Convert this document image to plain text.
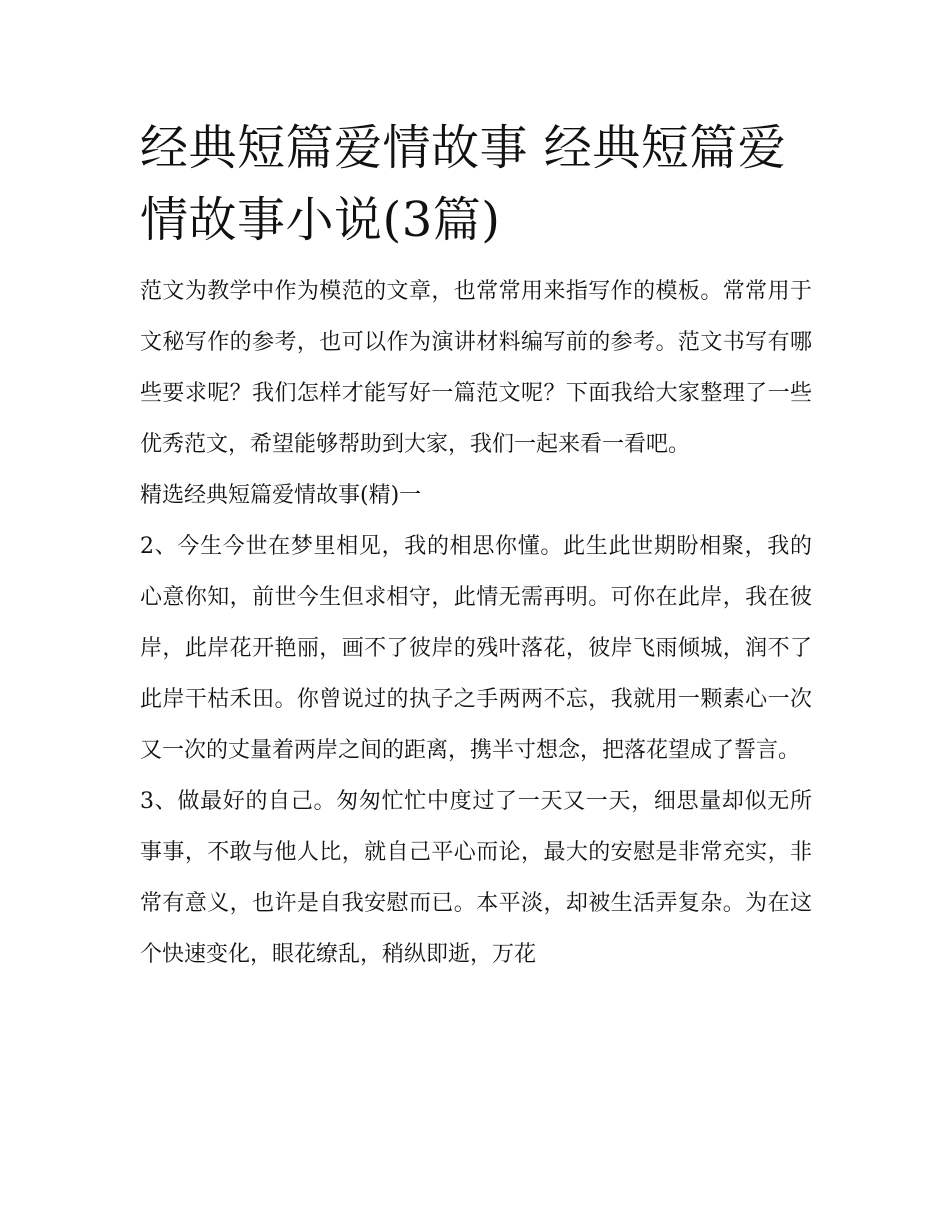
经典短篇爱情故事 经典短篇爱情故事小说(3篇)

范文为教学中作为模范的文章，也常常用来指写作的模板。常常用于文秘写作的参考，也可以作为演讲材料编写前的参考。范文书写有哪些要求呢？我们怎样才能写好一篇范文呢？下面我给大家整理了一些优秀范文，希望能够帮助到大家，我们一起来看一看吧。

精选经典短篇爱情故事(精)一

2、今生今世在梦里相见，我的相思你懂。此生此世期盼相聚，我的心意你知，前世今生但求相守，此情无需再明。可你在此岸，我在彼岸，此岸花开艳丽，画不了彼岸的残叶落花，彼岸飞雨倾城，润不了此岸干枯禾田。你曾说过的执子之手两两不忘，我就用一颗素心一次又一次的丈量着两岸之间的距离，携半寸想念，把落花望成了誓言。

3、做最好的自己。匆匆忙忙中度过了一天又一天，细思量却似无所事事，不敢与他人比，就自己平心而论，最大的安慰是非常充实，非常有意义，也许是自我安慰而已。本平淡，却被生活弄复杂。为在这个快速变化，眼花缭乱，稍纵即逝，万花
